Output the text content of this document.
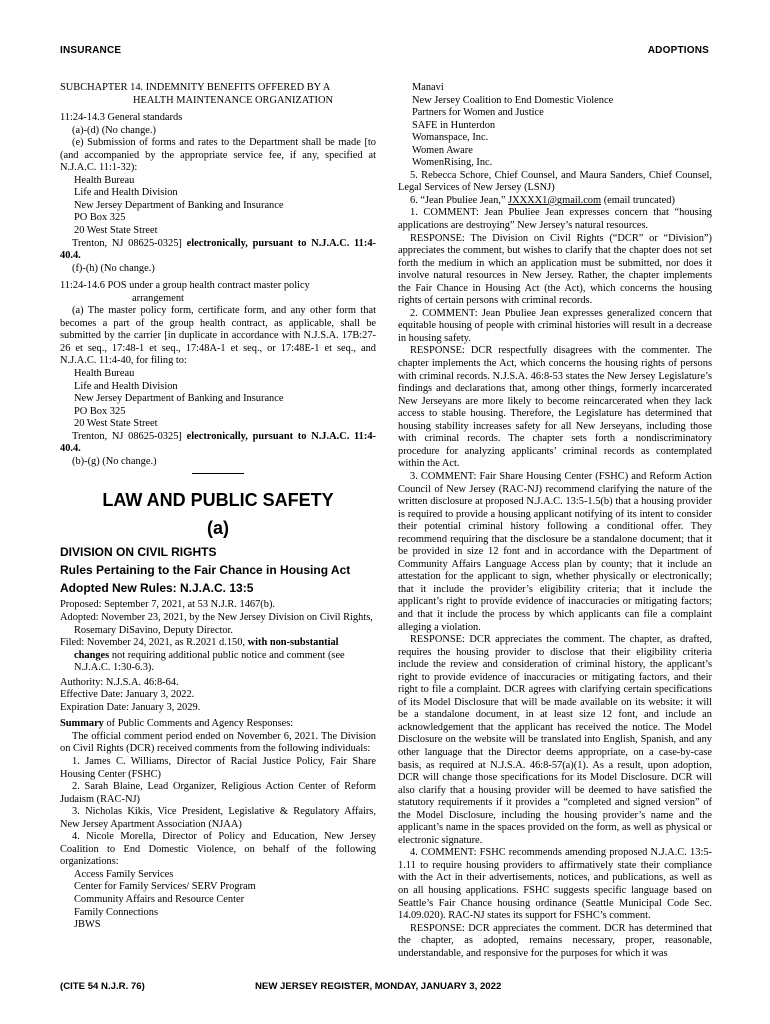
INSURANCE	ADOPTIONS

SUBCHAPTER 14. INDEMNITY BENEFITS OFFERED BY A

HEALTH MAINTENANCE ORGANIZATION

11:24-14.3 General standards

(a)-(d) (No change.)

(e) Submission of forms and rates to the Department shall be made [to (and accompanied by the appropriate service fee, if any, specified at N.J.A.C. 11:1-32):

Health Bureau

Life and Health Division

New Jersey Department of Banking and Insurance

PO Box 325

20 West State Street

Trenton, NJ 08625-0325] electronically, pursuant to N.J.A.C. 11:4-40.4.

(f)-(h) (No change.)

11:24-14.6 POS under a group health contract master policy

arrangement

(a) The master policy form, certificate form, and any other form that becomes a part of the group health contract, as applicable, shall be submitted by the carrier [in duplicate in accordance with N.J.S.A. 17B:27-26 et seq., 17:48-1 et seq., 17:48A-1 et seq., or 17:48E-1 et seq., and N.J.A.C. 11:4-40, for filing to:

Health Bureau

Life and Health Division

New Jersey Department of Banking and Insurance

PO Box 325

20 West State Street

Trenton, NJ 08625-0325] electronically, pursuant to N.J.A.C. 11:4-40.4.

(b)-(g) (No change.)

LAW AND PUBLIC SAFETY

(a)

DIVISION ON CIVIL RIGHTS

Rules Pertaining to the Fair Chance in Housing Act

Adopted New Rules: N.J.A.C. 13:5

Proposed: September 7, 2021, at 53 N.J.R. 1467(b).

Adopted: November 23, 2021, by the New Jersey Division on Civil Rights, Rosemary DiSavino, Deputy Director.

Filed: November 24, 2021, as R.2021 d.150, with non-substantial changes not requiring additional public notice and comment (see N.J.A.C. 1:30-6.3).

Authority: N.J.S.A. 46:8-64.

Effective Date: January 3, 2022.

Expiration Date: January 3, 2029.

Summary of Public Comments and Agency Responses:

The official comment period ended on November 6, 2021. The Division on Civil Rights (DCR) received comments from the following individuals:

1. James C. Williams, Director of Racial Justice Policy, Fair Share Housing Center (FSHC)

2. Sarah Blaine, Lead Organizer, Religious Action Center of Reform Judaism (RAC-NJ)

3. Nicholas Kikis, Vice President, Legislative & Regulatory Affairs, New Jersey Apartment Association (NJAA)

4. Nicole Morella, Director of Policy and Education, New Jersey Coalition to End Domestic Violence, on behalf of the following organizations:

Access Family Services

Center for Family Services/ SERV Program

Community Affairs and Resource Center

Family Connections

JBWS

Manavi

New Jersey Coalition to End Domestic Violence

Partners for Women and Justice

SAFE in Hunterdon

Womanspace, Inc.

Women Aware

WomenRising, Inc.

5. Rebecca Schore, Chief Counsel, and Maura Sanders, Chief Counsel, Legal Services of New Jersey (LSNJ)

6. “Jean Pbuliee Jean,” JXXXX1@gmail.com (email truncated)

1. COMMENT: Jean Pbuliee Jean expresses concern that “housing applications are destroying” New Jersey’s natural resources.

RESPONSE: The Division on Civil Rights (“DCR” or “Division”) appreciates the comment, but wishes to clarify that the chapter does not set forth the medium in which an application must be submitted, nor does it involve natural resources in New Jersey. Rather, the chapter implements the Fair Chance in Housing Act (the Act), which concerns the housing rights of certain persons with criminal records.

2. COMMENT: Jean Pbuliee Jean expresses generalized concern that equitable housing of people with criminal histories will result in a decrease in housing safety.

RESPONSE: DCR respectfully disagrees with the commenter. The chapter implements the Act, which concerns the housing rights of persons with criminal records. N.J.S.A. 46:8-53 states the New Jersey Legislature’s findings and declarations that, among other things, formerly incarcerated New Jerseyans are more likely to become reincarcerated when they lack access to stable housing. Therefore, the Legislature has determined that housing stability increases safety for all New Jerseyans, including those with criminal records. The chapter sets forth a nondiscriminatory procedure for analyzing applicants’ criminal records as contemplated within the Act.

3. COMMENT: Fair Share Housing Center (FSHC) and Reform Action Council of New Jersey (RAC-NJ) recommend clarifying the nature of the written disclosure at proposed N.J.A.C. 13:5-1.5(b) that a housing provider is required to provide a housing applicant notifying of its intent to consider their potential criminal history following a conditional offer. They recommend requiring that the disclosure be a standalone document; that it be provided in size 12 font and in accordance with the Department of Community Affairs Language Access plan by county; that it include an attestation for the applicant to sign, whether physically or electronically; that it include the provider’s eligibility criteria; that it include the applicant’s right to provide evidence of inaccuracies or mitigating factors; and that it include the process by which applicants can file a complaint alleging a violation.

RESPONSE: DCR appreciates the comment. The chapter, as drafted, requires the housing provider to disclose that their eligibility criteria include the review and consideration of criminal history, the applicant’s right to provide evidence of inaccuracies or mitigating factors, and their right to file a complaint. DCR agrees with clarifying certain specifications of its Model Disclosure that will be made available on its website: it will be a standalone document, in at least size 12 font, and include an acknowledgement that the applicant has received the notice. The Model Disclosure on the website will be translated into English, Spanish, and any other language that the Director deems appropriate, on a case-by-case basis, as required at N.J.S.A. 46:8-57(a)(1). As a result, upon adoption, DCR will change those specifications for its Model Disclosure. DCR will also clarify that a housing provider will be deemed to have satisfied the statutory requirements if it provides a “completed and signed version” of the Model Disclosure, including the housing provider’s name and the applicant’s name in the spaces provided on the form, as well as physical or electronic signature.

4. COMMENT: FSHC recommends amending proposed N.J.A.C. 13:5-1.11 to require housing providers to affirmatively state their compliance with the Act in their advertisements, notices, and publications, as well as on all housing applications. FSHC suggests specific language based on Seattle’s Fair Chance housing ordinance (Seattle Municipal Code Sec. 14.09.020). RAC-NJ states its support for FSHC’s comment.

RESPONSE: DCR appreciates the comment. DCR has determined that the chapter, as adopted, remains necessary, proper, reasonable, understandable, and responsive for the purposes for which it was

(CITE 54 N.J.R. 76)	NEW JERSEY REGISTER, MONDAY, JANUARY 3, 2022
